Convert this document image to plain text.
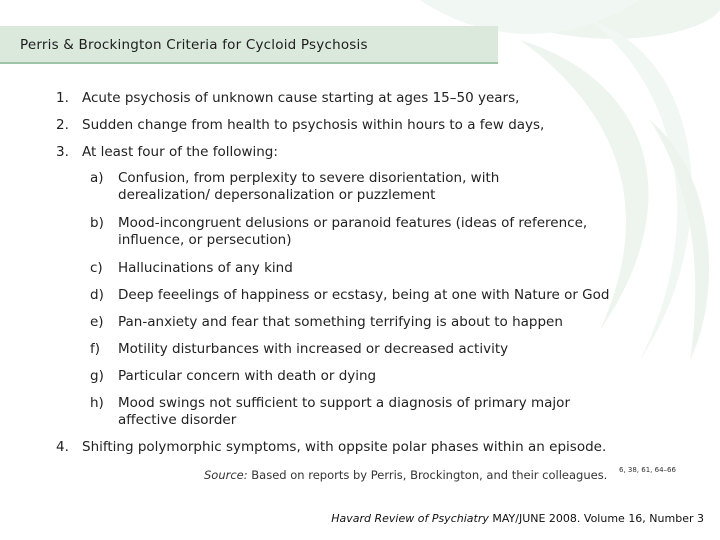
Perris & Brockington Criteria for Cycloid Psychosis
1. Acute psychosis of unknown cause starting at ages 15–50 years,
2. Sudden change from health to psychosis within hours to a few days,
3. At least four of the following:
a) Confusion, from perplexity to severe disorientation, with derealization/ depersonalization or puzzlement
b) Mood-incongruent delusions or paranoid features (ideas of reference, influence, or persecution)
c) Hallucinations of any kind
d) Deep feeelings of happiness or ecstasy, being at one with Nature or God
e) Pan-anxiety and fear that something terrifying is about to happen
f) Motility disturbances with increased or decreased activity
g) Particular concern with death or dying
h) Mood swings not sufficient to support a diagnosis of primary major affective disorder
4. Shifting polymorphic symptoms, with oppsite polar phases within an episode.
Source: Based on reports by Perris, Brockington, and their colleagues. $^{6, 38, 61, 64-66}$
Havard Review of Psychiatry MAY/JUNE 2008. Volume 16, Number 3
